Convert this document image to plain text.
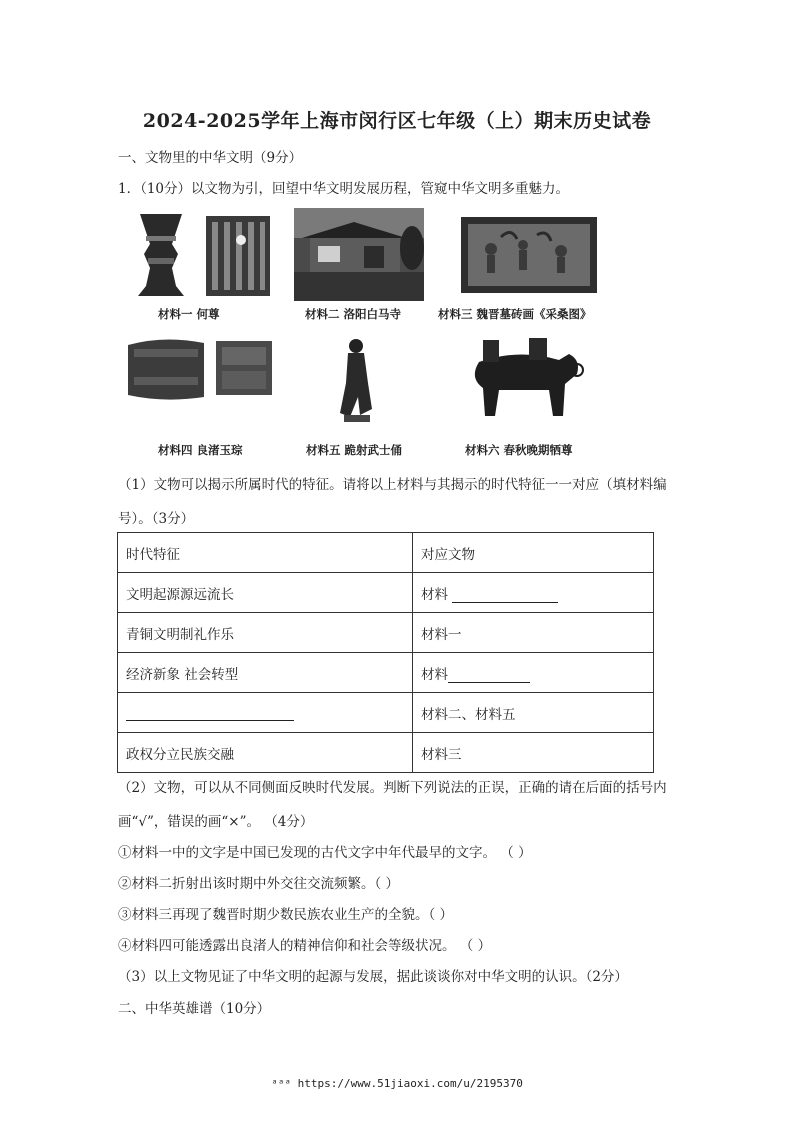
2024-2025学年上海市闵行区七年级（上）期末历史试卷
一、文物里的中华文明（9分）
1．（10分）以文物为引，回望中华文明发展历程，管窥中华文明多重魅力。
材料一 何尊	材料二 洛阳白马寺	材料三 魏晋墓砖画《采桑图》
材料四 良渚玉琮	材料五 跪射武士俑	材料六 春秋晚期牺尊
（1）文物可以揭示所属时代的特征。请将以上材料与其揭示的时代特征一一对应（填材料编号）。（3分）
时代特征	对应文物
文明起源源远流长	材料
青铜文明制礼作乐	材料一
经济新象 社会转型	材料
	材料二、材料五
政权分立民族交融	材料三
（2）文物，可以从不同侧面反映时代发展。判断下列说法的正误，正确的请在后面的括号内画“√”，错误的画“×”。 （4分）
①材料一中的文字是中国已发现的古代文字中年代最早的文字。 （ ）
②材料二折射出该时期中外交往交流频繁。（ ）
③材料三再现了魏晋时期少数民族农业生产的全貌。（ ）
④材料四可能透露出良渚人的精神信仰和社会等级状况。 （ ）
（3）以上文物见证了中华文明的起源与发展，据此谈谈你对中华文明的认识。（2分）
二、中华英雄谱（10分）
ᵃᵃᵃ https://www.51jiaoxi.com/u/2195370
